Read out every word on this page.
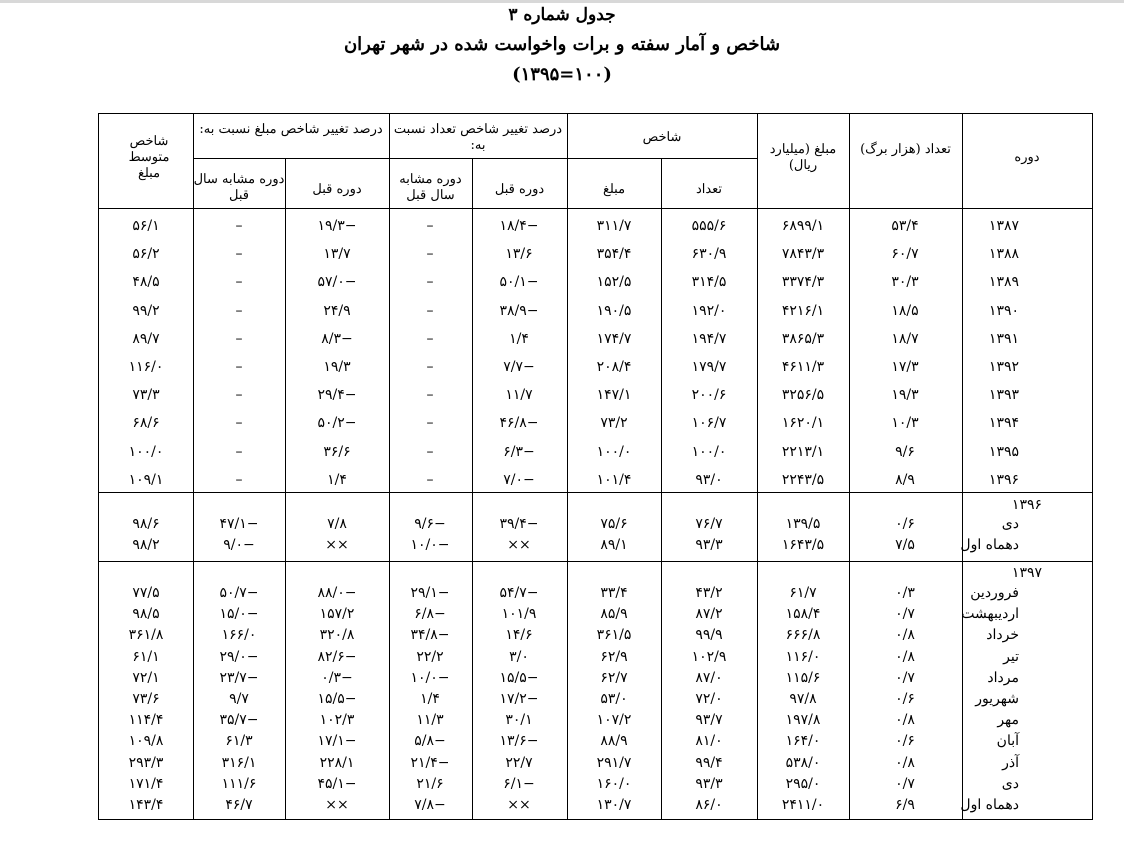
جدول شماره ۳
شاخص و آمار سفته و برات واخواست شده در شهر تهران
(۱۰۰=۱۳۹۵)
دوره
تعداد (هزار برگ)
مبلغ (میلیارد ریال)
شاخص
تعداد
مبلغ
درصد تغییر شاخص تعداد نسبت به:
دوره قبل
دوره مشابه سال قبل
درصد تغییر شاخص مبلغ نسبت به:
دوره قبل
دوره مشابه سال قبل
شاخص متوسط مبلغ
۵۶/۱	–	−۱۹/۳	–	−۱۸/۴	۳۱۱/۷	۵۵۵/۶	۶۸۹۹/۱	۵۳/۴	۱۳۸۷
۵۶/۲	–	۱۳/۷	–	۱۳/۶	۳۵۴/۴	۶۳۰/۹	۷۸۴۳/۳	۶۰/۷	۱۳۸۸
۴۸/۵	–	−۵۷/۰	–	−۵۰/۱	۱۵۲/۵	۳۱۴/۵	۳۳۷۴/۳	۳۰/۳	۱۳۸۹
۹۹/۲	–	۲۴/۹	–	−۳۸/۹	۱۹۰/۵	۱۹۲/۰	۴۲۱۶/۱	۱۸/۵	۱۳۹۰
۸۹/۷	–	−۸/۳	–	۱/۴	۱۷۴/۷	۱۹۴/۷	۳۸۶۵/۳	۱۸/۷	۱۳۹۱
۱۱۶/۰	–	۱۹/۳	–	−۷/۷	۲۰۸/۴	۱۷۹/۷	۴۶۱۱/۳	۱۷/۳	۱۳۹۲
۷۳/۳	–	−۲۹/۴	–	۱۱/۷	۱۴۷/۱	۲۰۰/۶	۳۲۵۶/۵	۱۹/۳	۱۳۹۳
۶۸/۶	–	−۵۰/۲	–	−۴۶/۸	۷۳/۲	۱۰۶/۷	۱۶۲۰/۱	۱۰/۳	۱۳۹۴
۱۰۰/۰	–	۳۶/۶	–	−۶/۳	۱۰۰/۰	۱۰۰/۰	۲۲۱۳/۱	۹/۶	۱۳۹۵
۱۰۹/۱	–	۱/۴	–	−۷/۰	۱۰۱/۴	۹۳/۰	۲۲۴۳/۵	۸/۹	۱۳۹۶
۱۳۹۶
۹۸/۶	−۴۷/۱	۷/۸	−۹/۶	−۳۹/۴	۷۵/۶	۷۶/۷	۱۳۹/۵	۰/۶	دی
۹۸/۲	−۹/۰	××	−۱۰/۰	××	۸۹/۱	۹۳/۳	۱۶۴۳/۵	۷/۵	دهماه اول
۱۳۹۷
۷۷/۵	−۵۰/۷	−۸۸/۰	−۲۹/۱	−۵۴/۷	۳۳/۴	۴۳/۲	۶۱/۷	۰/۳	فروردین
۹۸/۵	−۱۵/۰	۱۵۷/۲	−۶/۸	۱۰۱/۹	۸۵/۹	۸۷/۲	۱۵۸/۴	۰/۷	اردیبهشت
۳۶۱/۸	۱۶۶/۰	۳۲۰/۸	−۳۴/۸	۱۴/۶	۳۶۱/۵	۹۹/۹	۶۶۶/۸	۰/۸	خرداد
۶۱/۱	−۲۹/۰	−۸۲/۶	۲۲/۲	۳/۰	۶۲/۹	۱۰۲/۹	۱۱۶/۰	۰/۸	تیر
۷۲/۱	−۲۳/۷	−۰/۳	−۱۰/۰	−۱۵/۵	۶۲/۷	۸۷/۰	۱۱۵/۶	۰/۷	مرداد
۷۳/۶	۹/۷	−۱۵/۵	۱/۴	−۱۷/۲	۵۳/۰	۷۲/۰	۹۷/۸	۰/۶	شهریور
۱۱۴/۴	−۳۵/۷	۱۰۲/۳	۱۱/۳	۳۰/۱	۱۰۷/۲	۹۳/۷	۱۹۷/۸	۰/۸	مهر
۱۰۹/۸	۶۱/۳	−۱۷/۱	−۵/۸	−۱۳/۶	۸۸/۹	۸۱/۰	۱۶۴/۰	۰/۶	آبان
۲۹۳/۳	۳۱۶/۱	۲۲۸/۱	−۲۱/۴	۲۲/۷	۲۹۱/۷	۹۹/۴	۵۳۸/۰	۰/۸	آذر
۱۷۱/۴	۱۱۱/۶	−۴۵/۱	۲۱/۶	−۶/۱	۱۶۰/۰	۹۳/۳	۲۹۵/۰	۰/۷	دی
۱۴۳/۴	۴۶/۷	××	−۷/۸	××	۱۳۰/۷	۸۶/۰	۲۴۱۱/۰	۶/۹	دهماه اول
